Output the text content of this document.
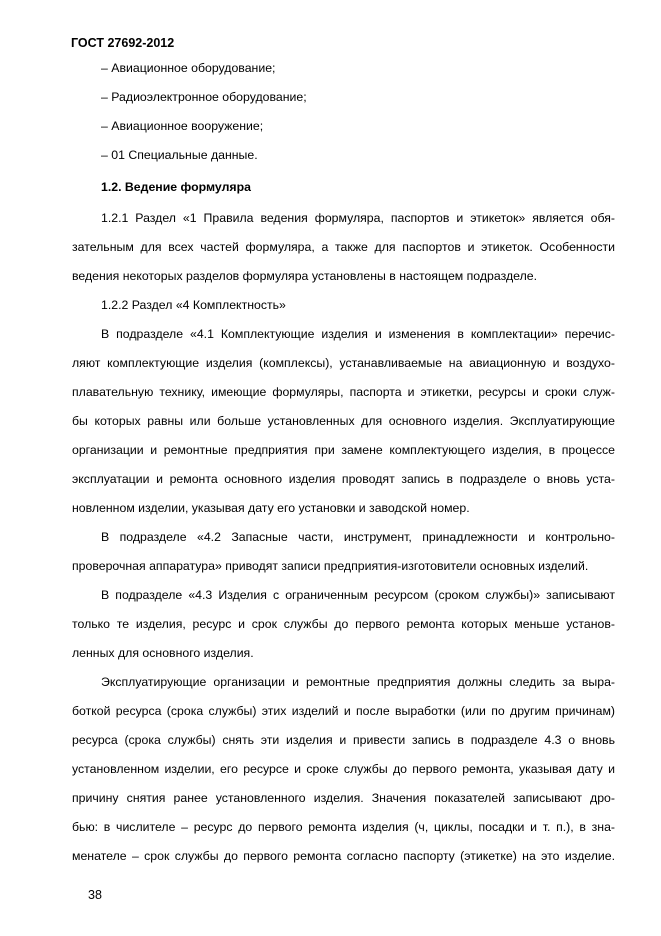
ГОСТ 27692-2012
– Авиационное оборудование;
– Радиоэлектронное оборудование;
– Авиационное вооружение;
– 01 Специальные данные.
1.2. Ведение формуляра
1.2.1 Раздел «1 Правила ведения формуляра, паспортов и этикеток» является обя-
зательным для всех частей формуляра, а также для паспортов и этикеток. Особенности
ведения некоторых разделов формуляра установлены в настоящем подразделе.
1.2.2 Раздел «4 Комплектность»
В подразделе «4.1 Комплектующие изделия и изменения в комплектации» перечис-
ляют комплектующие изделия (комплексы), устанавливаемые на авиационную и воздухо-
плавательную технику, имеющие формуляры, паспорта и этикетки, ресурсы и сроки служ-
бы которых равны или больше установленных для основного изделия. Эксплуатирующие
организации и ремонтные предприятия при замене комплектующего изделия, в процессе
эксплуатации и ремонта основного изделия проводят запись в подразделе о вновь уста-
новленном изделии, указывая дату его установки и заводской номер.
В подразделе «4.2 Запасные части, инструмент, принадлежности и контрольно-
проверочная аппаратура» приводят записи предприятия-изготовители основных изделий.
В подразделе «4.3 Изделия с ограниченным ресурсом (сроком службы)» записывают
только те изделия, ресурс и срок службы до первого ремонта которых меньше установ-
ленных для основного изделия.
Эксплуатирующие организации и ремонтные предприятия должны следить за выра-
боткой ресурса (срока службы) этих изделий и после выработки (или по другим причинам)
ресурса (срока службы) снять эти изделия и привести запись в подразделе 4.3 о вновь
установленном изделии, его ресурсе и сроке службы до первого ремонта, указывая дату и
причину снятия ранее установленного изделия. Значения показателей записывают дро-
бью: в числителе – ресурс до первого ремонта изделия (ч, циклы, посадки и т. п.), в зна-
менателе – срок службы до первого ремонта согласно паспорту (этикетке) на это изделие.
38
